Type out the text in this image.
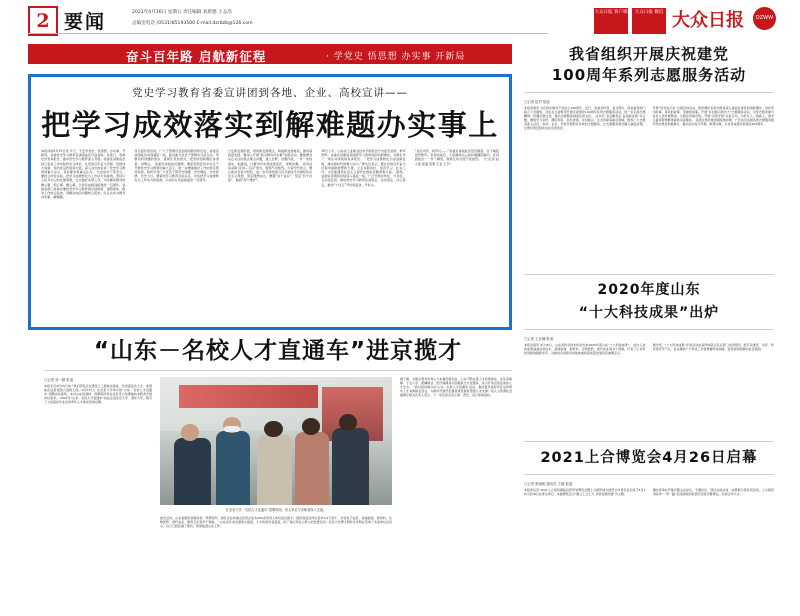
2 要闻	2021年4月16日 星期五 责任编辑 刘唐德 王志浩
总编室电话 (0531)85193500 E-mail:dzrbzb@126.com
大众日报 客户端	大众日报 微信 大众日报	DZWW
奋斗百年路 启航新征程	· 学党史 悟思想 办实事 开新局
党史学习教育省委宣讲团到各地、企业、高校宣讲——
把学习成效落实到解难题办实事上
本报济南4月15日讯 今天，天安学党史、悟思想、办实事、开新局，省委党史学习教育宣讲团成员分赴各地、各部门、各单位作宣讲报告，推动党史学习教育深入开展。省委宣讲团成员结合各自工作实际和学习体会，从党的百年奋斗历程、党的伟大成就、党的优良传统等方面，深入浅出地宣讲了党史学习教育的重大意义、目标要求和重点任务。 与会党员干部表示，要结合岗位实际，把学习成效转化为工作动力和成效，坚持以人民为中心的发展思想，扎实做好各项工作，切实解决群众的操心事、烦心事、揪心事，以优异成绩迎接建党一百周年。各地各部门各单位要把党史学习教育同总结经验、观照现实、推动工作结合起来，同解决实际问题结合起来，扎扎实实为群众办实事、解难题。
作全面系统宣讲，广大干部群众受到深刻教育和启发。省委宣讲团成员来到基层一线，面对面与党员干部群众交流互动，用群众听得懂的语言、喜闻乐见的形式，把党的创新理论讲清楚、讲明白。 省委宣讲团成员强调，要深刻领会党中央关于开展党史学习教育的重大意义，进一步增强做好工作的责任感使命感，教育引导广大党员干部学史明理、学史增信、学史崇德、学史力行。要紧扣学习教育目标任务，切实把学习成效转化为工作动力和成效，以实际行动迎接建党一百周年。
立足新发展阶段，贯彻新发展理念，构建新发展格局，推动高质量发展。要深入开展“我为群众办实事”实践活动，聚焦群众关心关注的热点难点问题，建立台账、挂图作战，一件一件抓落实、抓推进，让群众切实感受到变化、得到实惠。 宣讲活动采取“宣讲＋互动”形式，现场气氛热烈。大家纷纷表示，要以此次宣讲为契机，进一步学深悟透习近平新时代中国特色社会主义思想，坚定理想信念，增强“四个意识”、坚定“四个自信”、做到“两个维护”。
19日下午，山东省工业职业技术学院报告厅内座无虚席，掌声阵阵。省委宣讲团成员围绕学习贯彻党的创新理论，为师生作了一场生动深刻的宣讲报告。 “把学习成果转化为奋进新征程、建功新时代的强大动力。”师生们表示，要从党的百年奋斗历程中汲取智慧和力量，立足本职岗位，刻苦学习、扎实工作，为全面建设社会主义现代化国家贡献青春力量。 据悉，省委宣讲团将持续深入基层一线，广泛开展对象化、分众化、互动化宣讲，推动党史学习教育往深里走、往实里走、往心里走，推动“十四五”开好局起步、开好头。
“各位同学，同学们……”省委宣讲团成员话音刚落，台下响起热烈掌声。宣讲结束后，大家围绕关心的问题踊跃提问，宣讲团成员一一作了解答，现场互动交流气氛热烈。 （□记者 赵小菊 报道 统筹 王金 王学）
我省组织开展庆祝建党
100周年系列志愿服务活动
□记者 赵君 报道
本报济南讯 为庆祝中国共产党成立100周年，近日，省委宣传部、省文明办、团省委等部门联合下发通知，决定在全省组织开展庆祝建党100周年系列志愿服务活动，进一步弘扬志愿精神、传播志愿文化，推动志愿服务制度化常态化。 活动以“永远跟党走 奋进新征程”为主题，聚焦学习宣传、便民利民、扶危济困、乡村振兴、生态环保等重点领域，组织广大志愿者深入社区、农村、企业、学校开展形式多样的志愿服务，让志愿服务更好融入基层治理，让群众感受到实实在在的变化。
开展“党史进万家”志愿宣讲活动，组织理论宣讲志愿者深入基层宣讲党的创新理论，讲好党的故事、革命的故事、英雄的故事。开展“乡村振兴我出力”志愿服务活动，引导志愿者参与农村人居环境整治、文明乡风建设等。开展“邻里守望”关爱行动，为老年人、残疾人、留守儿童等特殊群体提供关爱服务。 各级文明办要加强统筹协调，广泛动员各级各类志愿服务组织和志愿者积极参与，推动活动有序开展、取得实效，以优异成绩庆祝建党100周年。
2020年度山东
“十大科技成果”出炉
□记者 王亚楠 报道
本报济南讯 4月15日，山东省科学技术协会发布2020年度山东“十大科技成果”。 此次入选的成果涵盖信息技术、高端装备、新材料、生物医药、现代农业等多个领域，代表了山东科技创新的最新水平，对推动全省新旧动能转换和高质量发展具有重要意义。
据介绍，“十大科技成果”评选活动由省科协联合有关部门共同组织，经专家推荐、初评、终评等环节产生，旨在激励广大科技工作者勇攀科技高峰，营造崇尚创新的社会氛围。
2021上合博览会4月26日启幕
□记者 张晓帆 通讯员 王健 报道
本报青岛讯 2021上合组织国际投资贸易博览会暨上合组织地方经贸合作青岛论坛将于4月26日至28日在青岛举行。本届博览会以“聚合上合之力 共享发展机遇”为主题。
届时将举办开幕式暨主旨论坛、专题论坛、项目对接洽谈、成果展示等系列活动，上合组织国家和“一带一路”沿线国家的政商代表将齐聚青岛，共商合作大计。
“山东－名校人才直通车”进京揽才
□记者 刘一颖 报道
本报北京4月15日电 “我们学院正在建设人工智能实验室，急需高层次人才，希望能在这里找到合适的人选。”4月15日，在北京大学举办的“山东－名校人才直通车”招聘活动现场，来自山东的高校、科研院所和企业负责人热情地向求职者介绍岗位需求。 2021年“山东－名校人才直通车”首站走进北京大学、清华大学，吸引了大批高校毕业生和青年人才前来咨询应聘。
在北京大学一名校人才直通车”招聘现场，用人单位与求职者深入交流。
此次活动，山东省组织省属高校、科研院所、国有企业和重点民营企业共200余家用人单位进京揽才，提供高层次岗位需求1.2万余个，涉及电子信息、高端装备、新材料、生物医药、现代农业、教育卫生等多个领域。 “山东近年来发展势头强劲，人才政策含金量高，给了我们年轻人很大的发展空间。”北京大学博士研究生李明在咨询了多家单位后表示，自己已经投递了简历，希望能到山东工作。
据了解，为吸引更多优秀人才来鲁创新创业，山东不断完善人才政策体系，在住房保障、子女入学、配偶就业、医疗保健等方面提供全方位服务，着力打造近悦远来的人才生态。 “我们将持续办好‘山东－名校人才直通车’活动，推动更多高校毕业生和青年人才来鲁就业创业，为新时代现代化强省建设提供坚强人才支撑。”省人力资源社会保障厅相关负责人表示，下一步还将走进上海、西安、武汉等地高校。
